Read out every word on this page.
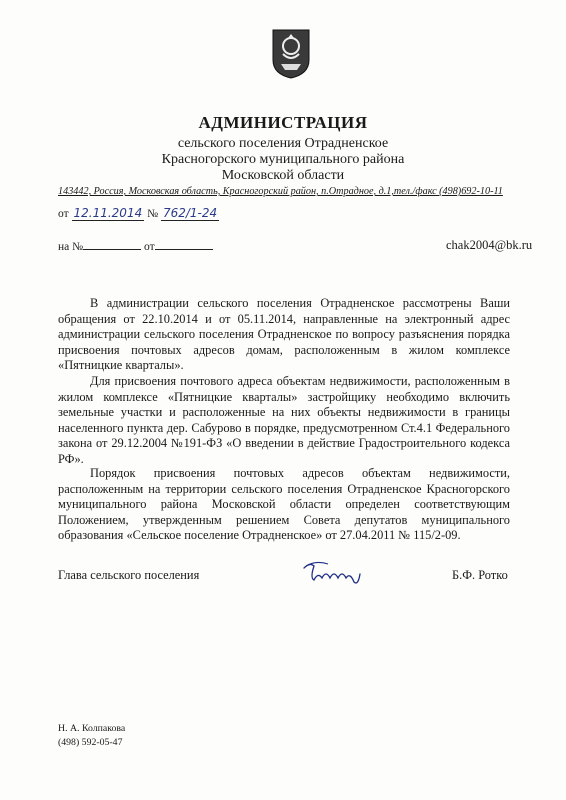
АДМИНИСТРАЦИЯ
сельского поселения Отрадненское
Красногорского муниципального района
Московской области
143442, Россия, Московская область, Красногорский район, п.Отрадное, д.1,тел./факс (498)692-10-11
от 12.11.2014 № 762/1-24
на №	от	chak2004@bk.ru
В администрации сельского поселения Отрадненское рассмотрены Ваши обращения от 22.10.2014 и от 05.11.2014, направленные на электронный адрес администрации сельского поселения Отрадненское по вопросу разъяснения порядка присвоения почтовых адресов домам, расположенным в жилом комплексе «Пятницкие кварталы».
Для присвоения почтового адреса объектам недвижимости, расположенным в жилом комплексе «Пятницкие кварталы» застройщику необходимо включить земельные участки и расположенные на них объекты недвижимости в границы населенного пункта дер. Сабурово в порядке, предусмотренном Ст.4.1 Федерального закона от 29.12.2004 №191-ФЗ «О введении в действие Градостроительного кодекса РФ».
Порядок присвоения почтовых адресов объектам недвижимости, расположенным на территории сельского поселения Отрадненское Красногорского муниципального района Московской области определен соответствующим Положением, утвержденным решением Совета депутатов муниципального образования «Сельское поселение Отрадненское» от 27.04.2011 № 115/2-09.
Глава сельского поселения	Б.Ф. Ротко
Н. А. Колпакова
(498) 592-05-47
